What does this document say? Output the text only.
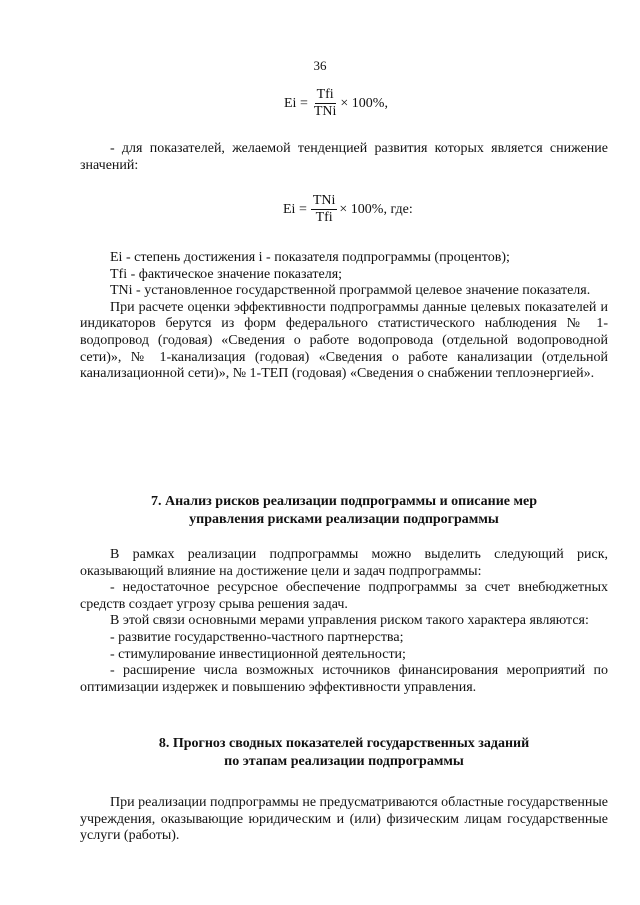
36
$Ei = \frac{\text{Tfi}}{\text{TNi}} \times 100\%$,

- для показателей, желаемой тенденцией развития которых является снижение значений:

$Ei = \frac{\text{TNi}}{\text{Tfi}} \times 100\%$, где:

Ei - степень достижения i - показателя подпрограммы (процентов);

Tfi - фактическое значение показателя;

TNi - установленное государственной программой целевое значение показателя.

При расчете оценки эффективности подпрограммы данные целевых показателей и индикаторов берутся из форм федерального статистического наблюдения № 1-водопровод (годовая) «Сведения о работе водопровода (отдельной водопроводной сети)», № 1-канализация (годовая) «Сведения о работе канализации (отдельной канализационной сети)», № 1-ТЕП (годовая) «Сведения о снабжении теплоэнергией».

7. Анализ рисков реализации подпрограммы и описание мер
управления рисками реализации подпрограммы

В рамках реализации подпрограммы можно выделить следующий риск, оказывающий влияние на достижение цели и задач подпрограммы:

- недостаточное ресурсное обеспечение подпрограммы за счет внебюджетных средств создает угрозу срыва решения задач.

В этой связи основными мерами управления риском такого характера являются:

- развитие государственно-частного партнерства;

- стимулирование инвестиционной деятельности;

- расширение числа возможных источников финансирования мероприятий по оптимизации издержек и повышению эффективности управления.

8. Прогноз сводных показателей государственных заданий
по этапам реализации подпрограммы

При реализации подпрограммы не предусматриваются областные государственные учреждения, оказывающие юридическим и (или) физическим лицам государственные услуги (работы).
